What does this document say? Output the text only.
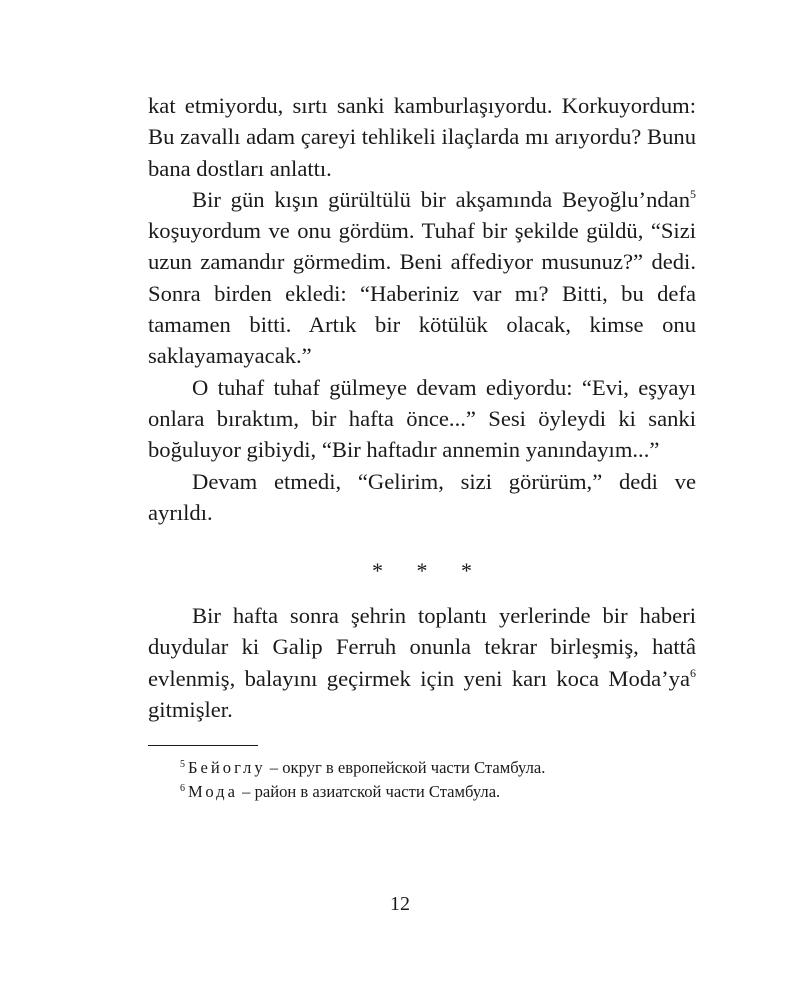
kat etmiyordu, sırtı sanki kamburlaşıyordu. Korkuyordum: Bu zavallı adam çareyi tehlikeli ilaçlarda mı arıyordu? Bunu bana dostları anlattı.

Bir gün kışın gürültülü bir akşamında Beyoğlu’ndan$^5$ koşuyordum ve onu gördüm. Tuhaf bir şekilde güldü, “Sizi uzun zamandır görmedim. Beni affediyor musunuz?” dedi. Sonra birden ekledi: “Haberiniz var mı? Bitti, bu defa tamamen bitti. Artık bir kötülük olacak, kimse onu saklayamayacak.”

O tuhaf tuhaf gülmeye devam ediyordu: “Evi, eşyayı onlara bıraktım, bir hafta önce...” Sesi öyleydi ki sanki boğuluyor gibiydi, “Bir haftadır annemin yanındayım...”

Devam etmedi, “Gelirim, sizi görürüm,” dedi ve ayrıldı.

* * *

Bir hafta sonra şehrin toplantı yerlerinde bir haberi duydular ki Galip Ferruh onunla tekrar birleşmiş, hattâ evlenmiş, balayını geçirmek için yeni karı koca $Moda’ya^6$ gitmişler.

$^5$ Бейоглу – округ в европейской части Стамбула.

$^6$ Мода – район в азиатской части Стамбула.

12
